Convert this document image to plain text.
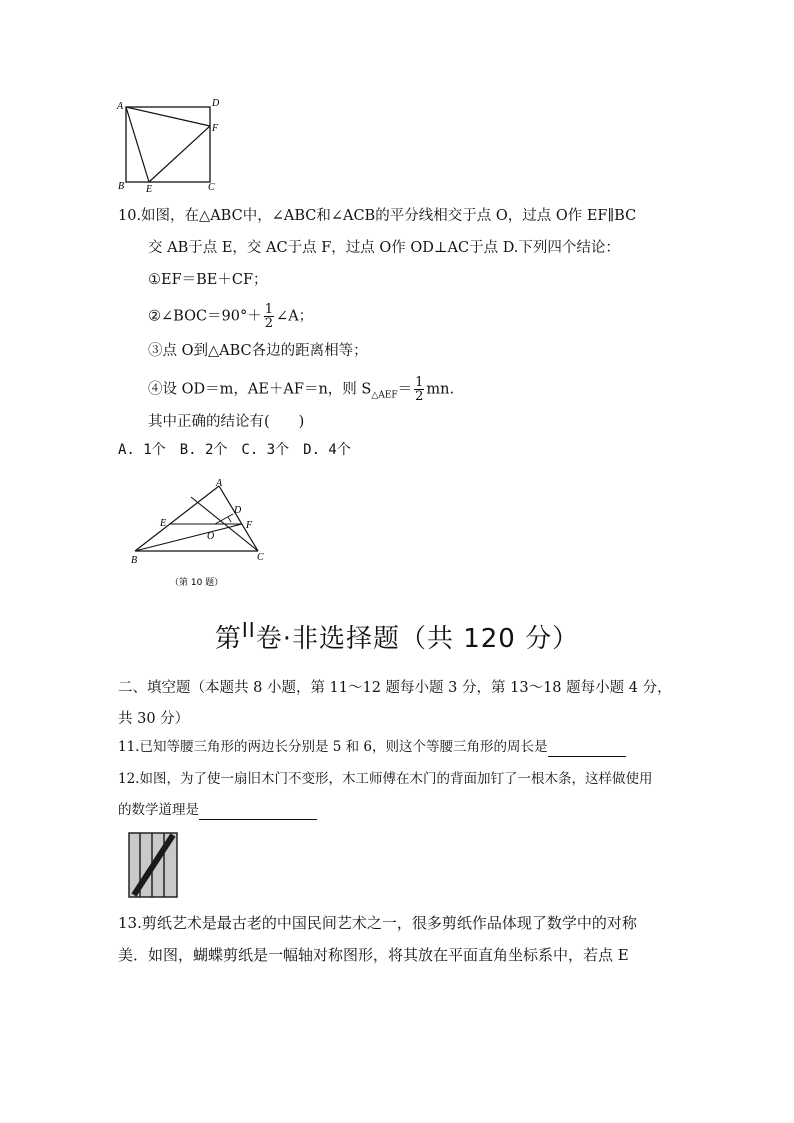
A	D
F
B E	C
10.如图，在△ABC中，∠ABC和∠ACB的平分线相交于点 O，过点 O作 EF∥BC
交 AB于点 E，交 AC于点 F，过点 O作 OD⊥AC于点 D.下列四个结论：
①EF＝BE＋CF；
②∠BOC＝90°＋ $\frac{1}{2}$ ∠A；
③点 O到△ABC各边的距离相等；
④设 OD＝m，AE＋AF＝n，则 $S_{\triangle AEF}= \frac{1}{2}$ mn.
其中正确的结论有(　　)
A. 1个　B. 2个　C. 3个　D. 4个
A
B	C
D
E	F
O
（第 10 题）
第$^{II}$卷·非选择题（共 120 分）
二、填空题（本题共 8 小题，第 11～12 题每小题 3 分，第 13～18 题每小题 4 分，
共 30 分）
11.已知等腰三角形的两边长分别是 5 和 6，则这个等腰三角形的周长是
12.如图，为了使一扇旧木门不变形，木工师傅在木门的背面加钉了一根木条，这样做使用
的数学道理是
13.剪纸艺术是最古老的中国民间艺术之一，很多剪纸作品体现了数学中的对称
美．如图，蝴蝶剪纸是一幅轴对称图形，将其放在平面直角坐标系中，若点 E
